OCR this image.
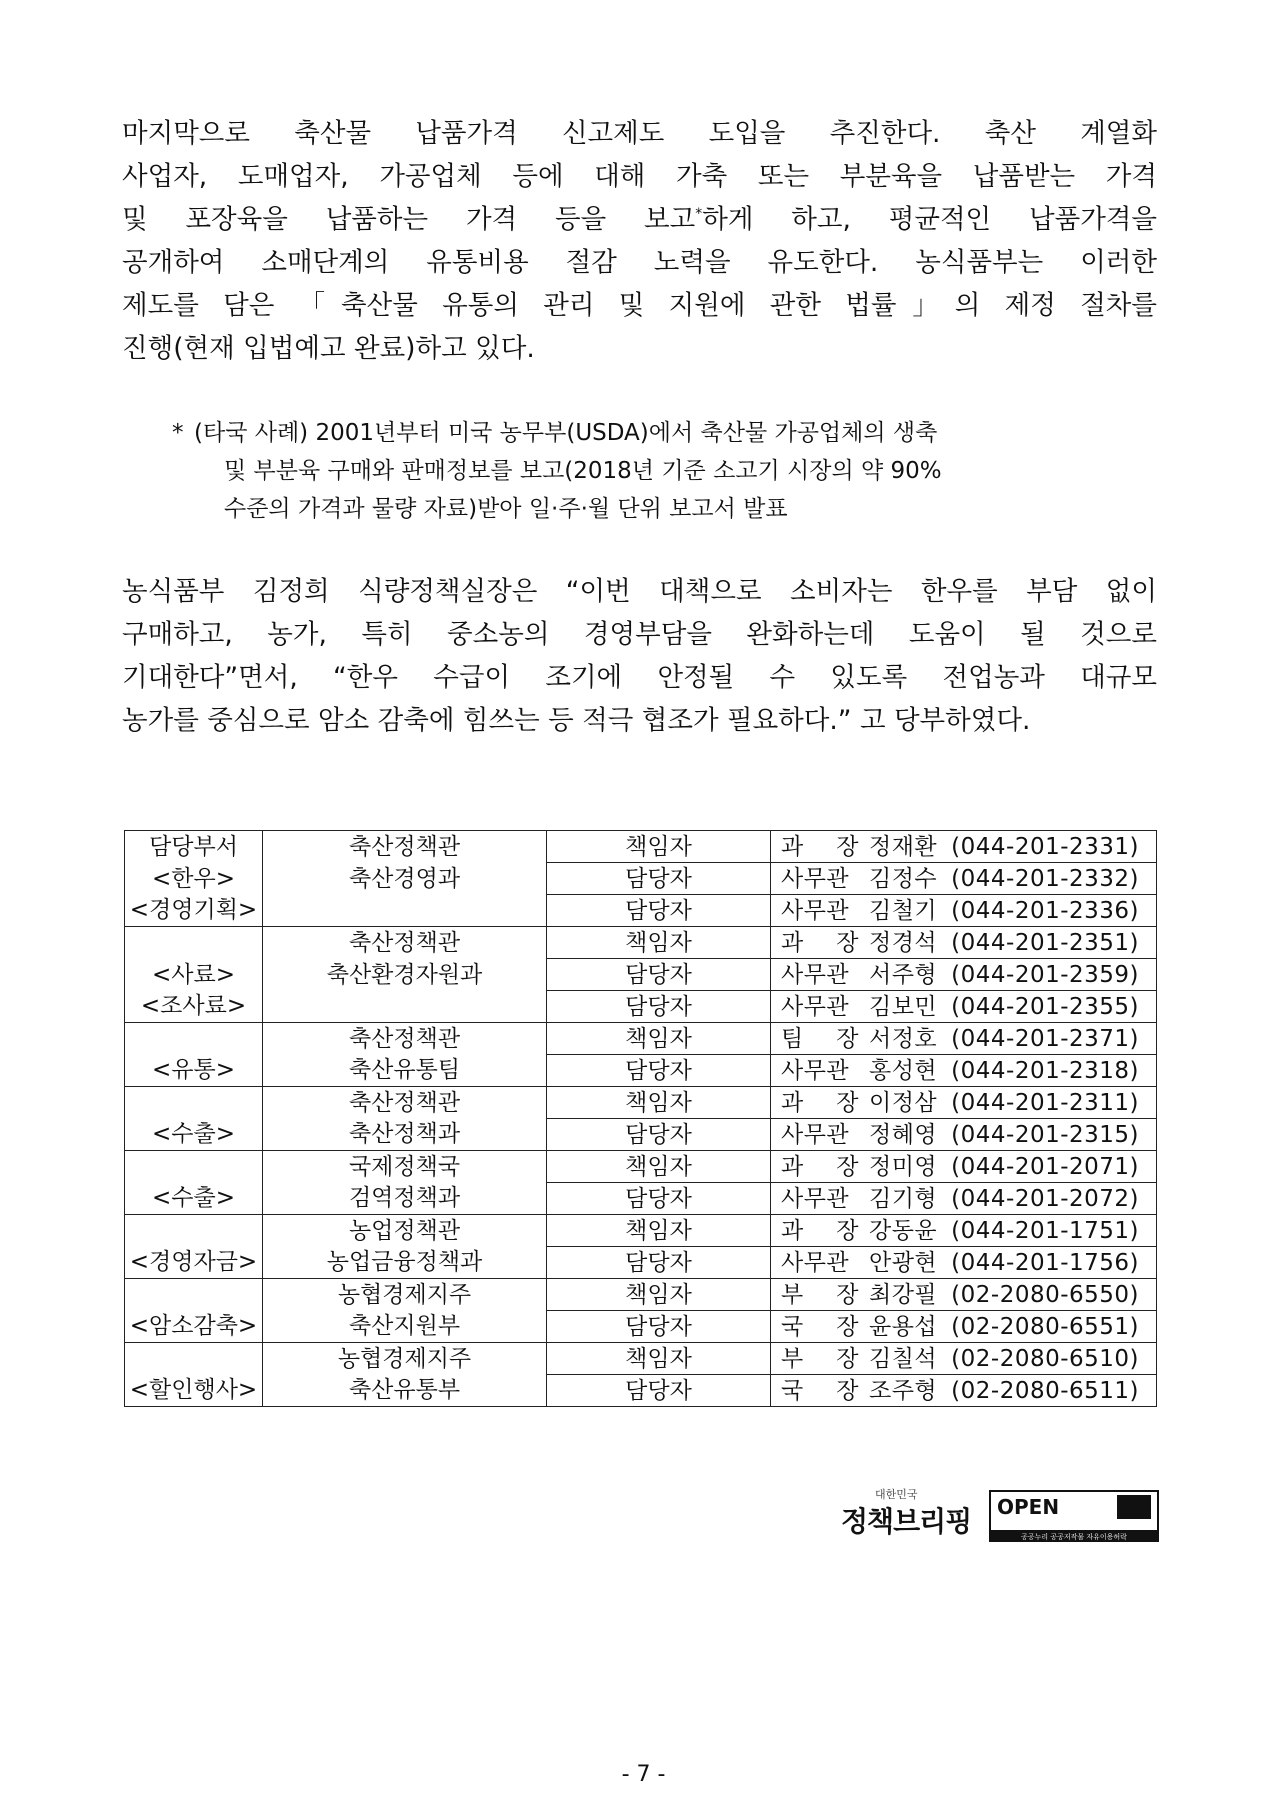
마지막으로 축산물 납품가격 신고제도 도입을 추진한다. 축산 계열화
사업자, 도매업자, 가공업체 등에 대해 가축 또는 부분육을 납품받는 가격
및 포장육을 납품하는 가격 등을 보고*하게 하고, 평균적인 납품가격을
공개하여 소매단계의 유통비용 절감 노력을 유도한다. 농식품부는 이러한
제도를 담은 「축산물 유통의 관리 및 지원에 관한 법률」의 제정 절차를
진행(현재 입법예고 완료)하고 있다.
* (타국 사례) 2001년부터 미국 농무부(USDA)에서 축산물 가공업체의 생축
및 부분육 구매와 판매정보를 보고(2018년 기준 소고기 시장의 약 90%
수준의 가격과 물량 자료)받아 일·주·월 단위 보고서 발표
농식품부 김정희 식량정책실장은 “이번 대책으로 소비자는 한우를 부담 없이
구매하고, 농가, 특히 중소농의 경영부담을 완화하는데 도움이 될 것으로
기대한다”면서, “한우 수급이 조기에 안정될 수 있도록 전업농과 대규모
농가를 중심으로 암소 감축에 힘쓰는 등 적극 협조가 필요하다.” 고 당부하였다.
담당부서	축산정책관	책임자	과 장 정재환 (044-201-2331)
<한우>	축산경영과	담당자	사무관 김정수 (044-201-2332)
<경영기획>		담당자	사무관 김철기 (044-201-2336)
	축산정책관	책임자	과 장 정경석 (044-201-2351)
<사료>	축산환경자원과	담당자	사무관 서주형 (044-201-2359)
<조사료>		담당자	사무관 김보민 (044-201-2355)
	축산정책관	책임자	팀 장 서정호 (044-201-2371)
<유통>	축산유통팀	담당자	사무관 홍성현 (044-201-2318)
	축산정책관	책임자	과 장 이정삼 (044-201-2311)
<수출>	축산정책과	담당자	사무관 정혜영 (044-201-2315)
	국제정책국	책임자	과 장 정미영 (044-201-2071)
<수출>	검역정책과	담당자	사무관 김기형 (044-201-2072)
	농업정책관	책임자	과 장 강동윤 (044-201-1751)
<경영자금>	농업금융정책과	담당자	사무관 안광현 (044-201-1756)
	농협경제지주	책임자	부 장 최강필 (02-2080-6550)
<암소감축>	축산지원부	담당자	국 장 윤용섭 (02-2080-6551)
	농협경제지주	책임자	부 장 김칠석 (02-2080-6510)
<할인행사>	축산유통부	담당자	국 장 조주형 (02-2080-6511)
대한민국
정책브리핑 OPEN
공공누리 공공저작물 자유이용허락
- 7 -
